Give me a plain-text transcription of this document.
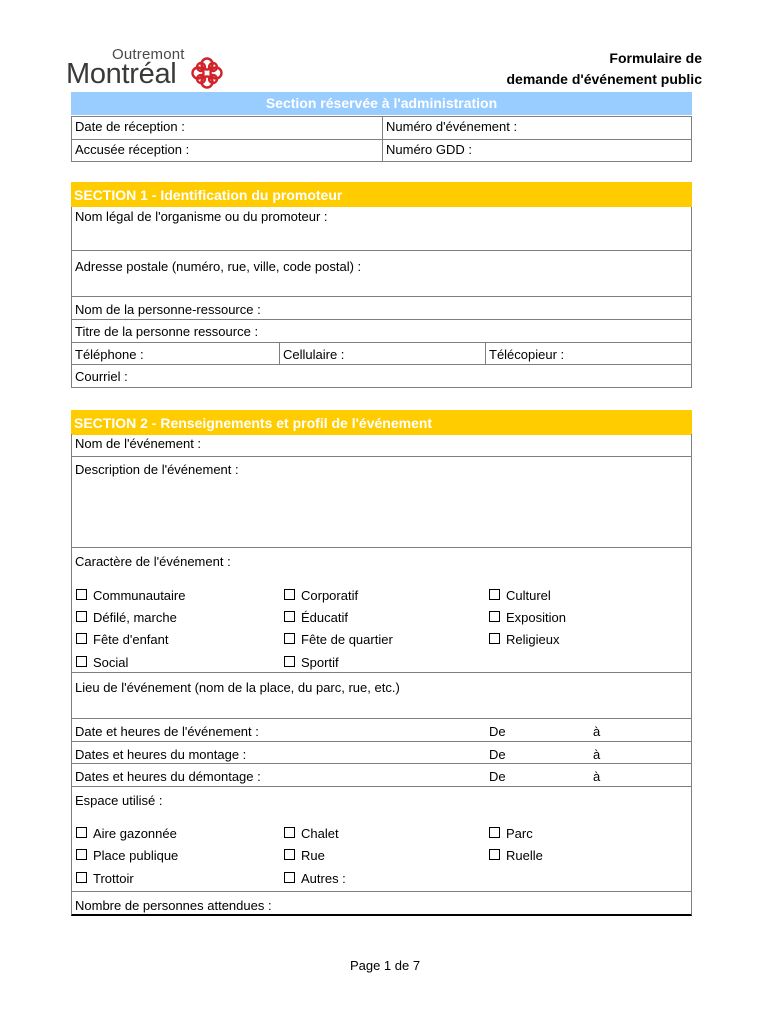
Outremont
Montréal	Formulaire de
demande d'événement public
Section réservée à l'administration
Date de réception :	Numéro d'événement :
Accusée réception :	Numéro GDD :
SECTION 1 - Identification du promoteur
Nom légal de l'organisme ou du promoteur :
Adresse postale (numéro, rue, ville, code postal) :
Nom de la personne-ressource :
Titre de la personne ressource :
Téléphone :	Cellulaire :	Télécopieur :
Courriel :
SECTION 2 - Renseignements et profil de l'événement
Nom de l'événement :
Description de l'événement :
Caractère de l'événement :
Communautaire	Corporatif	Culturel
Défilé, marche	Éducatif	Exposition
Fête d'enfant	Fête de quartier	Religieux
Social	Sportif
Lieu de l'événement (nom de la place, du parc, rue, etc.)
Date et heures de l'événement :	De	à
Dates et heures du montage :	De	à
Dates et heures du démontage :	De	à
Espace utilisé :
Aire gazonnée	Chalet	Parc
Place publique	Rue	Ruelle
Trottoir	Autres :
Nombre de personnes attendues :
Page 1 de 7
